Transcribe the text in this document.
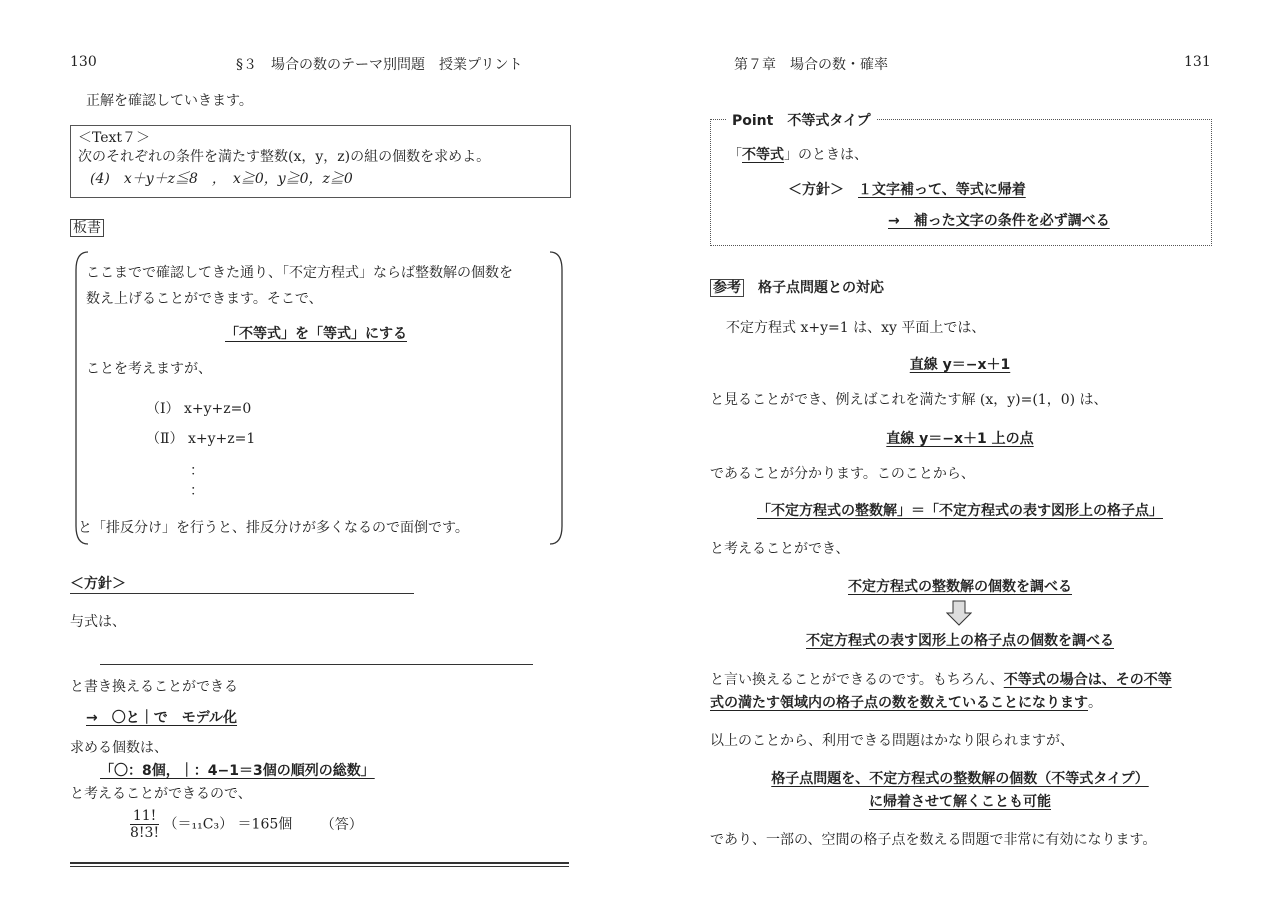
130	§３　場合の数のテーマ別問題　授業プリント
正解を確認していきます。
＜Text７＞
次のそれぞれの条件を満たす整数(x，y，z)の組の個数を求めよ。
(4)　x＋y＋z≦8　，　x≧0，y≧0，z≧0
板書
ここまでで確認してきた通り、「不定方程式」ならば整数解の個数を
数え上げることができます。そこで、
「不等式」を「等式」にする
ことを考えますが、
（Ⅰ） x+y+z=0
（Ⅱ） x+y+z=1
：
：
と「排反分け」を行うと、排反分けが多くなるので面倒です。
＜方針＞
与式は、
と書き換えることができる
→　〇と｜で　モデル化
求める個数は、
「〇：8個，｜：4−1＝3個の順列の総数」
と考えることができるので、
$\frac{11!}{8!3!} (=_{11}C_3) =165$個 （答）
第７章　場合の数・確率	131
Point　不等式タイプ
「不等式」のときは、
＜方針＞　 １文字補って、等式に帰着
→　補った文字の条件を必ず調べる
参考　 格子点問題との対応
不定方程式 x+y=1 は、xy 平面上では、
直線 y＝−x＋1
と見ることができ、例えばこれを満たす解 (x，y)=(1，0) は、
直線 y＝−x＋1 上の点
であることが分かります。このことから、
「不定方程式の整数解」＝「不定方程式の表す図形上の格子点」
と考えることができ、
不定方程式の整数解の個数を調べる
不定方程式の表す図形上の格子点の個数を調べる
と言い換えることができるのです。もちろん、不等式の場合は、その不等
式の満たす領域内の格子点の数を数えていることになります。
以上のことから、利用できる問題はかなり限られますが、
格子点問題を、不定方程式の整数解の個数（不等式タイプ）
に帰着させて解くことも可能
であり、一部の、空間の格子点を数える問題で非常に有効になります。
